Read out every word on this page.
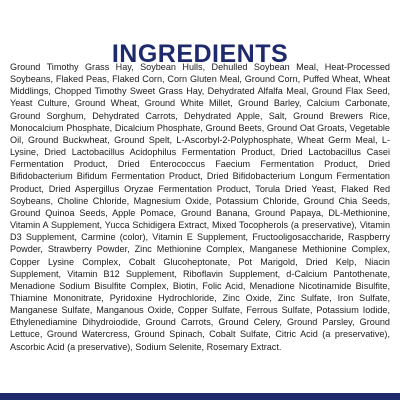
INGREDIENTS

Ground Timothy Grass Hay, Soybean Hulls, Dehulled Soybean Meal, Heat-Processed Soybeans, Flaked Peas, Flaked Corn, Corn Gluten Meal, Ground Corn, Puffed Wheat, Wheat Middlings, Chopped Timothy Sweet Grass Hay, Dehydrated Alfalfa Meal, Ground Flax Seed, Yeast Culture, Ground Wheat, Ground White Millet, Ground Barley, Calcium Carbonate, Ground Sorghum, Dehydrated Carrots, Dehydrated Apple, Salt, Ground Brewers Rice, Monocalcium Phosphate, Dicalcium Phosphate, Ground Beets, Ground Oat Groats, Vegetable Oil, Ground Buckwheat, Ground Spelt, L-Ascorbyl-2-Polyphosphate, Wheat Germ Meal, L-Lysine, Dried Lactobacillus Acidophilus Fermentation Product, Dried Lactobacillus Casei Fermentation Product, Dried Enterococcus Faecium Fermentation Product, Dried Bifidobacterium Bifidum Fermentation Product, Dried Bifidobacterium Longum Fermentation Product, Dried Aspergillus Oryzae Fermentation Product, Torula Dried Yeast, Flaked Red Soybeans, Choline Chloride, Magnesium Oxide, Potassium Chloride, Ground Chia Seeds, Ground Quinoa Seeds, Apple Pomace, Ground Banana, Ground Papaya, DL-Methionine, Vitamin A Supplement, Yucca Schidigera Extract, Mixed Tocopherols (a preservative), Vitamin D3 Supplement, Carmine (color), Vitamin E Supplement, Fructooligosaccharide, Raspberry Powder, Strawberry Powder, Zinc Methionine Complex, Manganese Methionine Complex, Copper Lysine Complex, Cobalt Glucoheptonate, Pot Marigold, Dried Kelp, Niacin Supplement, Vitamin B12 Supplement, Riboflavin Supplement, d-Calcium Pantothenate, Menadione Sodium Bisulfite Complex, Biotin, Folic Acid, Menadione Nicotinamide Bisulfite, Thiamine Mononitrate, Pyridoxine Hydrochloride, Zinc Oxide, Zinc Sulfate, Iron Sulfate, Manganese Sulfate, Manganous Oxide, Copper Sulfate, Ferrous Sulfate, Potassium Iodide, Ethylenediamine Dihydroiodide, Ground Carrots, Ground Celery, Ground Parsley, Ground Lettuce, Ground Watercress, Ground Spinach, Cobalt Sulfate, Citric Acid (a preservative), Ascorbic Acid (a preservative), Sodium Selenite, Rosemary Extract.
